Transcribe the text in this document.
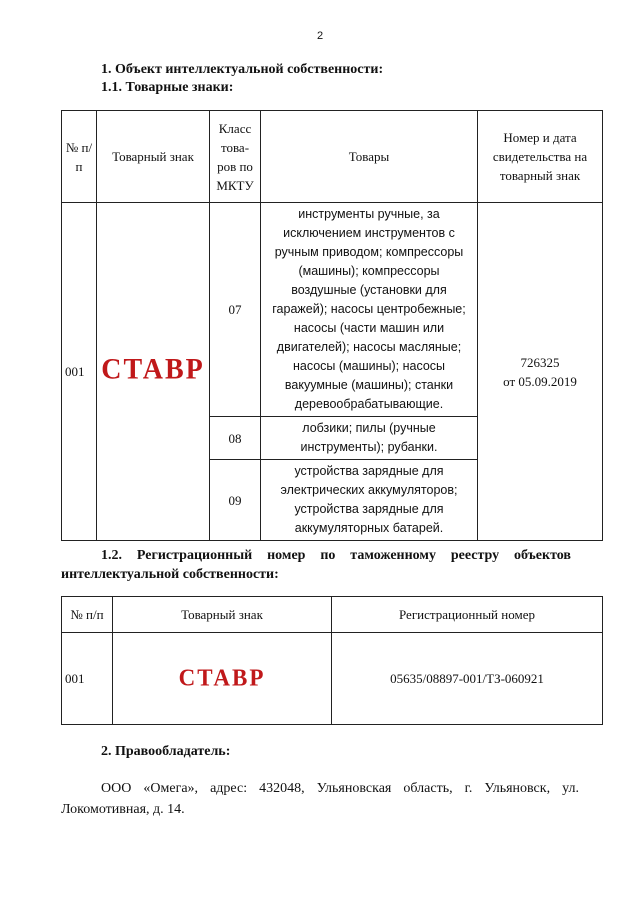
2
1. Объект интеллектуальной собственности:
1.1. Товарные знаки:
№ п/п	Товарный знак	Класс това-ров по МКТУ	Товары	Номер и дата свидетельства на товарный знак
001	СТАВР	07	инструменты ручные, за исключением инструментов с ручным приводом; компрессоры (машины); компрессоры воздушные (установки для гаражей); насосы центробежные; насосы (части машин или двигателей); насосы масляные; насосы (машины); насосы вакуумные (машины); станки деревообрабатывающие.	726325
от 05.09.2019

		08	лобзики; пилы (ручные инструменты); рубанки.	
		09	устройства зарядные для электрических аккумуляторов; устройства зарядные для аккумуляторных батарей.	
1.2. Регистрационный номер по таможенному реестру объектов интеллектуальной собственности:
№ п/п	Товарный знак	Регистрационный номер
001	СТАВР	05635/08897-001/ТЗ-060921
2. Правообладатель:
ООО «Омега», адрес: 432048, Ульяновская область, г. Ульяновск, ул. Локомотивная, д. 14.
